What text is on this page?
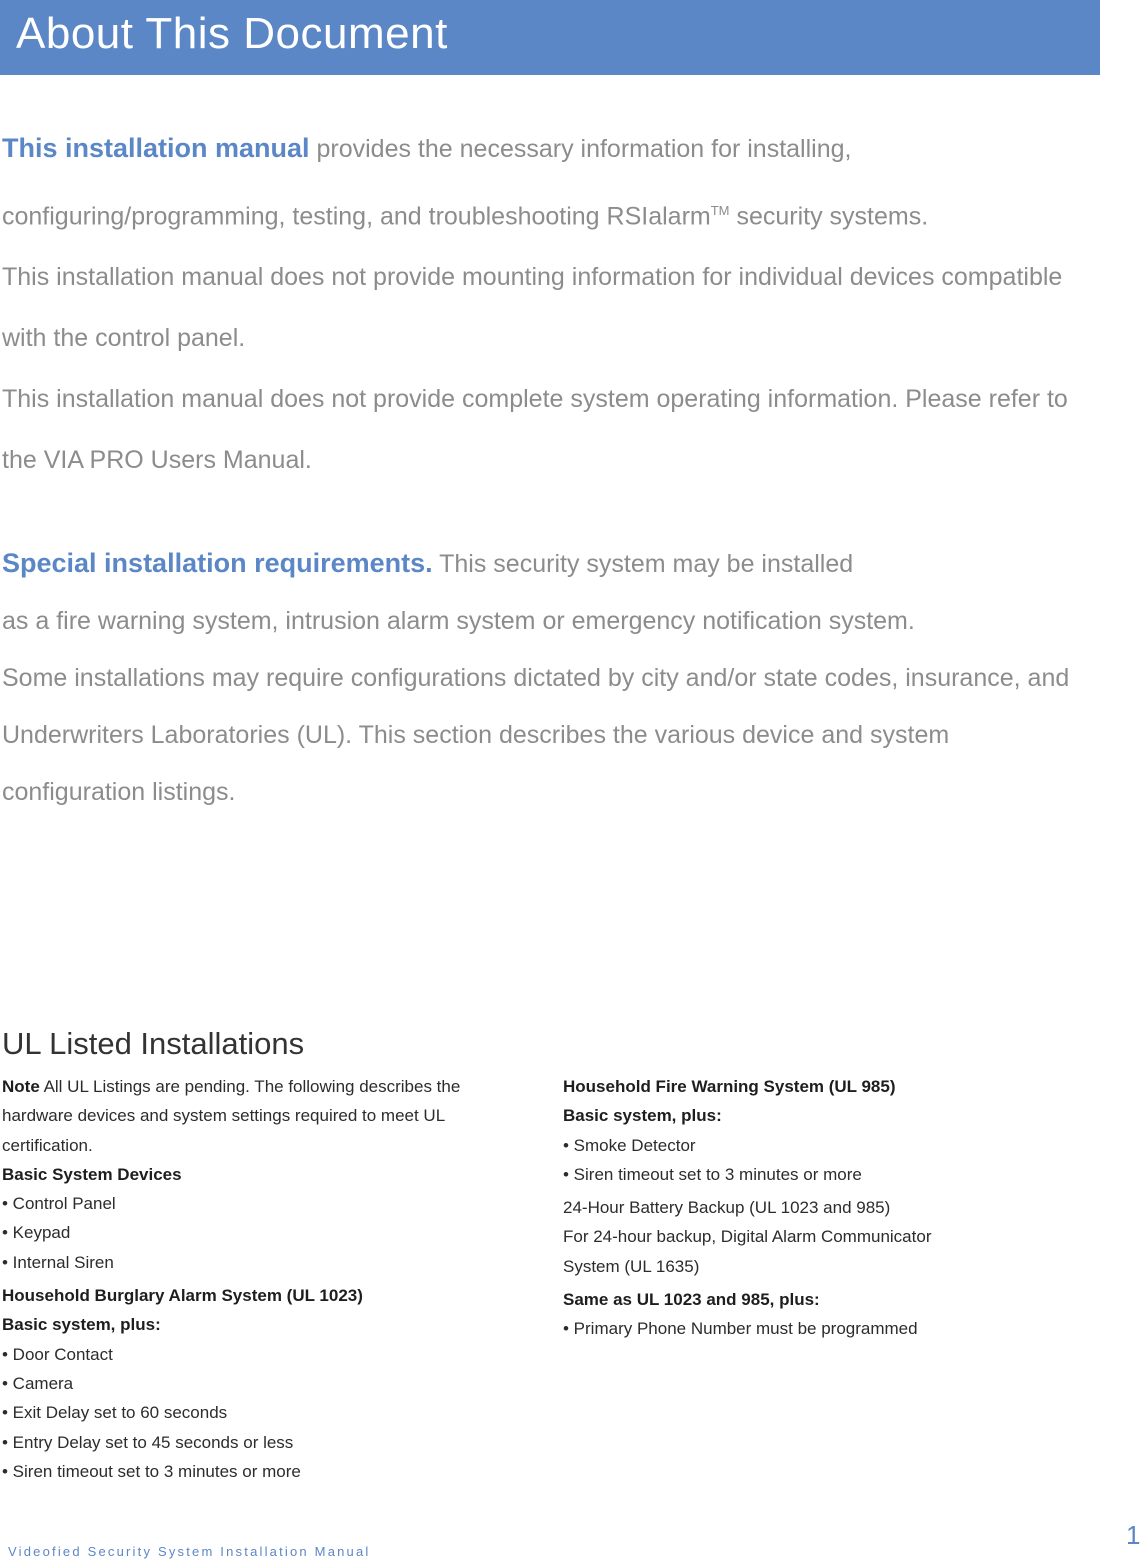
About This Document

This installation manual provides the necessary information for installing,
configuring/programming, testing, and troubleshooting RSIalarm™ security systems.

This installation manual does not provide mounting information for individual devices compatible with the control panel.

This installation manual does not provide complete system operating information. Please refer to the VIA PRO Users Manual.

Special installation requirements. This security system may be installed
as a fire warning system, intrusion alarm system or emergency notification system.

Some installations may require configurations dictated by city and/or state codes, insurance, and Underwriters Laboratories (UL). This section describes the various device and system configuration listings.

UL Listed Installations

Note All UL Listings are pending. The following describes the hardware devices and system settings required to meet UL certification.

Basic System Devices

• Control Panel

• Keypad

• Internal Siren

Household Burglary Alarm System (UL 1023)

Basic system, plus:

• Door Contact

• Camera

• Exit Delay set to 60 seconds

• Entry Delay set to 45 seconds or less

• Siren timeout set to 3 minutes or more

Household Fire Warning System (UL 985)

Basic system, plus:

• Smoke Detector

• Siren timeout set to 3 minutes or more

24-Hour Battery Backup (UL 1023 and 985)

For 24-hour backup, Digital Alarm Communicator

System (UL 1635)

Same as UL 1023 and 985, plus:

• Primary Phone Number must be programmed

Videofied Security System Installation Manual
1
